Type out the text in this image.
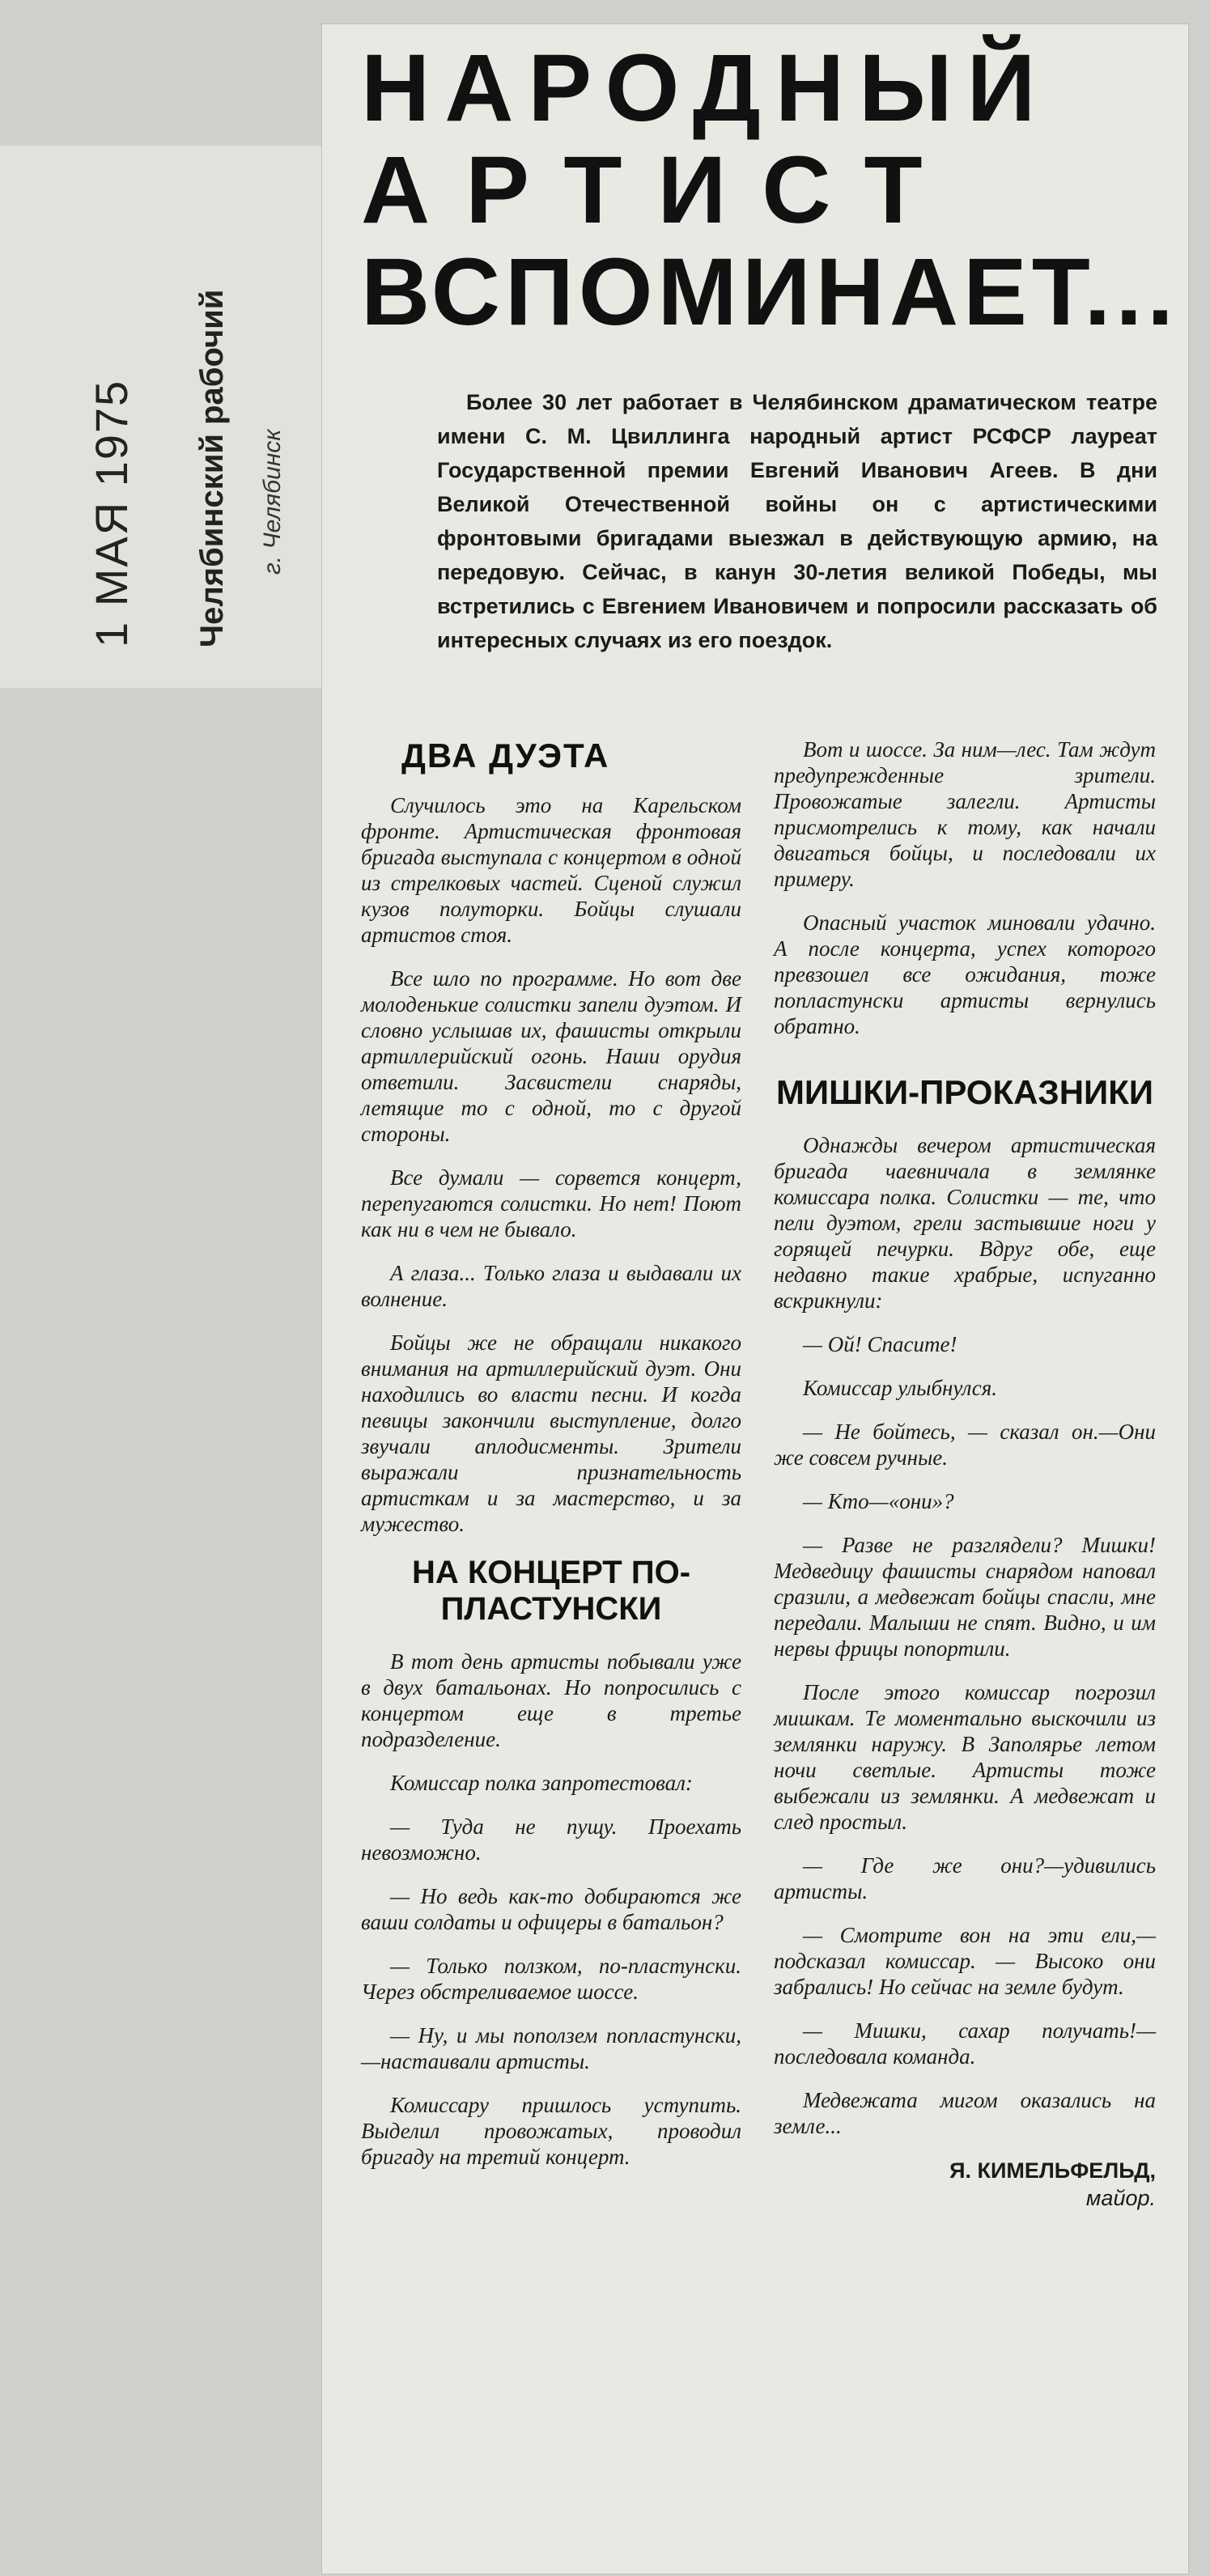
1 МАЯ 1975 Челябинский рабочий г. Челябинск
НАРОДНЫЙ
АРТИСТ
ВСПОМИНАЕТ...

Более 30 лет работает в Челябинском драматическом театре имени С. М. Цвиллинга народный артист РСФСР лауреат Государственной премии Евгений Иванович Агеев. В дни Великой Отечественной войны он с артистическими фронтовыми бригадами выезжал в действующую армию, на передовую. Сейчас, в канун 30-летия великой Победы, мы встретились с Евгением Ивановичем и попросили рассказать об интересных случаях из его поездок.

ДВА ДУЭТА

Случилось это на Карельском фронте. Артистическая фронтовая бригада выступала с концертом в одной из стрелковых частей. Сценой служил кузов полуторки. Бойцы слушали артистов стоя.

Все шло по программе. Но вот две молоденькие солистки запели дуэтом. И словно услышав их, фашисты открыли артиллерийский огонь. Наши орудия ответили. Засвистели снаряды, летящие то с одной, то с другой стороны.

Все думали — сорвется концерт, перепугаются солистки. Но нет! Поют как ни в чем не бывало.

А глаза... Только глаза и выдавали их волнение.

Бойцы же не обращали никакого внимания на артиллерийский дуэт. Они находились во власти песни. И когда певицы закончили выступление, долго звучали аплодисменты. Зрители выражали признательность артисткам и за мастерство, и за мужество.

НА КОНЦЕРТ ПО-ПЛАСТУНСКИ

В тот день артисты побывали уже в двух батальонах. Но попросились с концертом еще в третье подразделение.

Комиссар полка запротестовал:

— Туда не пущу. Проехать невозможно.

— Но ведь как-то добираются же ваши солдаты и офицеры в батальон?

— Только ползком, по-пластунски. Через обстреливаемое шоссе.

— Ну, и мы поползем попластунски,—настаивали артисты.

Комиссару пришлось уступить. Выделил провожатых, проводил бригаду на третий концерт.

Вот и шоссе. За ним—лес. Там ждут предупрежденные зрители. Провожатые залегли. Артисты присмотрелись к тому, как начали двигаться бойцы, и последовали их примеру.

Опасный участок миновали удачно. А после концерта, успех которого превзошел все ожидания, тоже попластунски артисты вернулись обратно.

МИШКИ-ПРОКАЗНИКИ

Однажды вечером артистическая бригада чаевничала в землянке комиссара полка. Солистки — те, что пели дуэтом, грели застывшие ноги у горящей печурки. Вдруг обе, еще недавно такие храбрые, испуганно вскрикнули:

— Ой! Спасите!

Комиссар улыбнулся.

— Не бойтесь, — сказал он.—Они же совсем ручные.

— Кто—«они»?

— Разве не разглядели? Мишки! Медведицу фашисты снарядом наповал сразили, а медвежат бойцы спасли, мне передали. Малыши не спят. Видно, и им нервы фрицы попортили.

После этого комиссар погрозил мишкам. Те моментально выскочили из землянки наружу. В Заполярье летом ночи светлые. Артисты тоже выбежали из землянки. А медвежат и след простыл.

— Где же они?—удивились артисты.

— Смотрите вон на эти ели,—подсказал комиссар. — Высоко они забрались! Но сейчас на земле будут.

— Мишки, сахар получать!— последовала команда.

Медвежата мигом оказались на земле...

Я. КИМЕЛЬФЕЛЬД,
майор.
